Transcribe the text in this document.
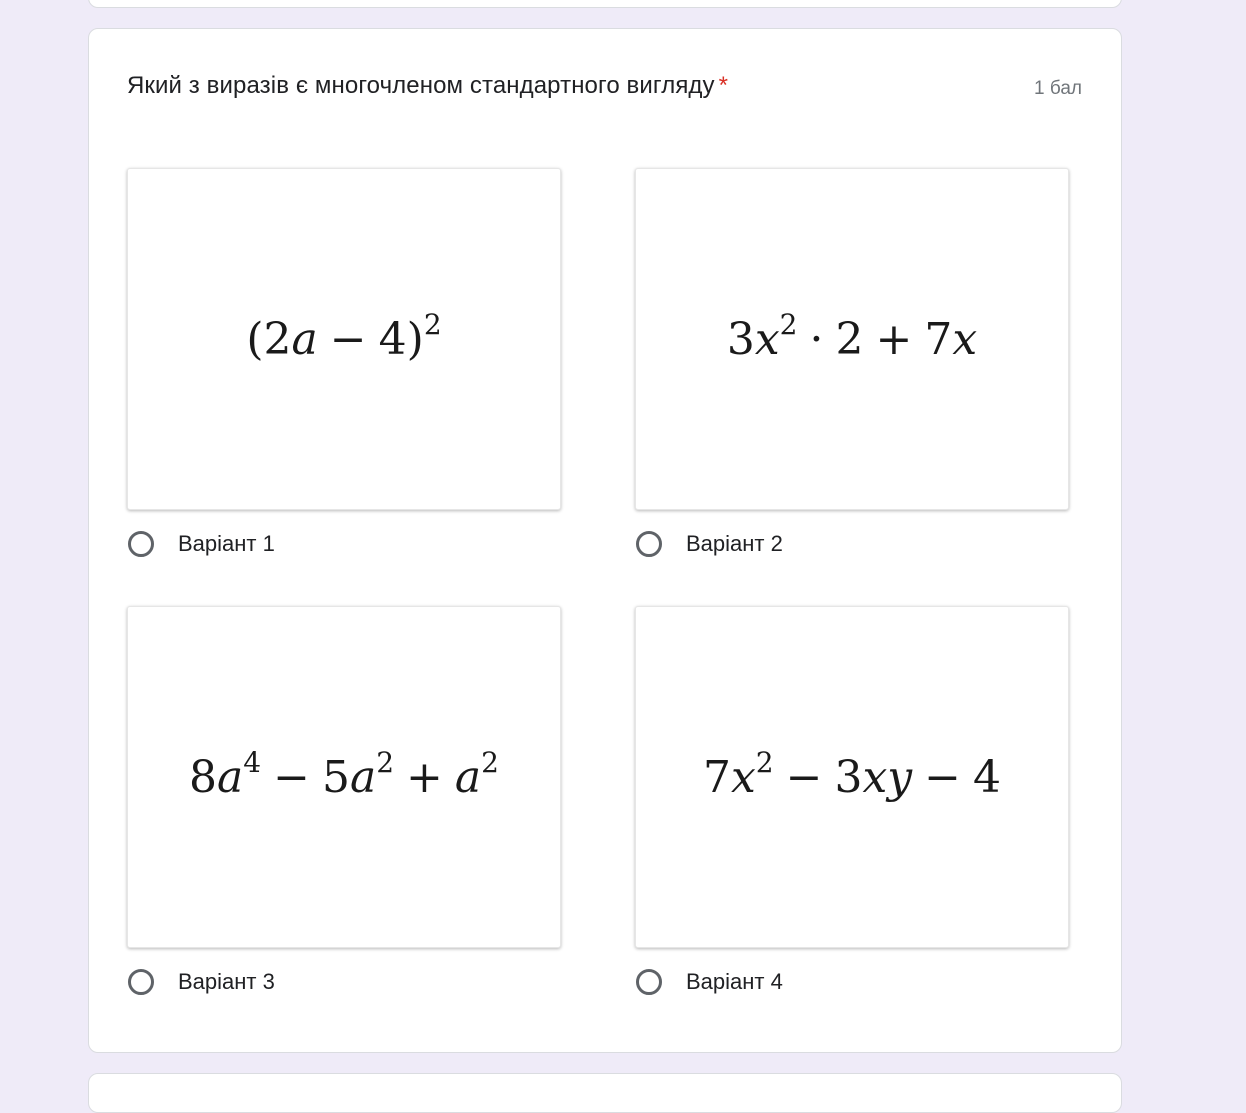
Який з виразів є многочленом стандартного вигляду *	1 бал
$(2a - 4)^2$	$3x^2 \cdot 2 + 7x$
$8a^4 - 5a^2 + a^2$	$7x^2 - 3xy - 4$
Варіант 1	Варіант 2
Варіант 3	Варіант 4
